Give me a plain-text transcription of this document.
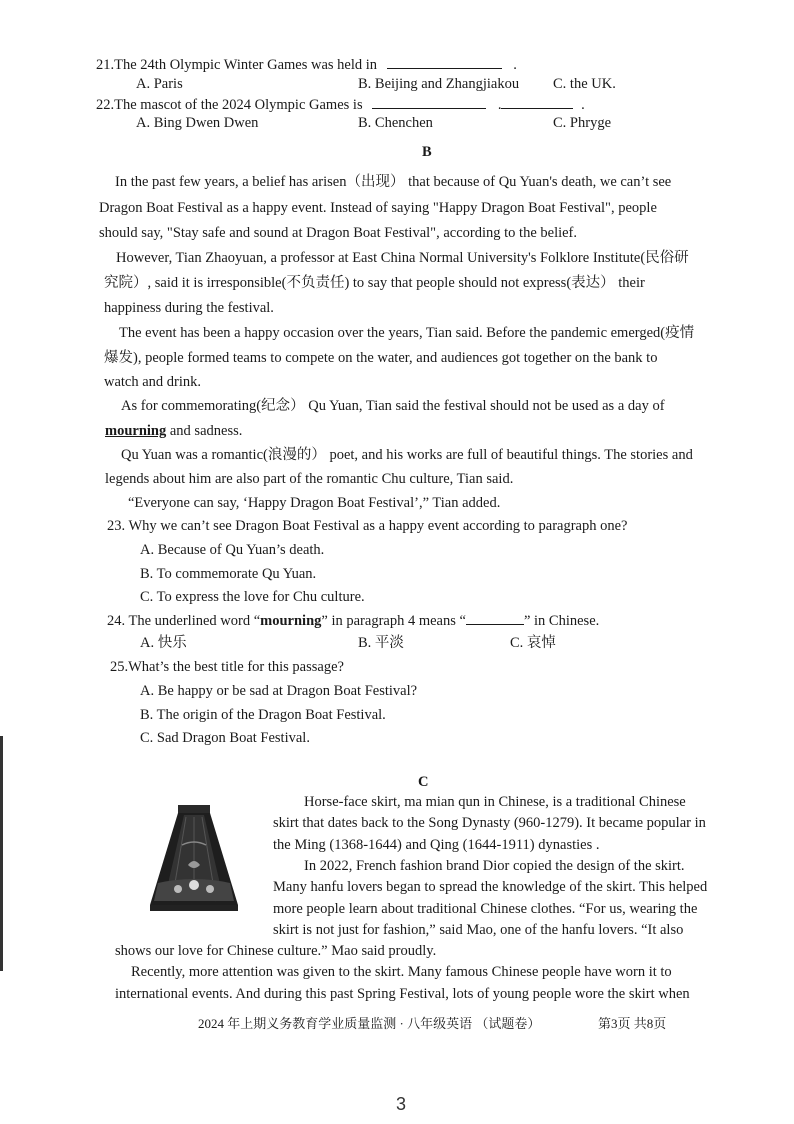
21.The 24th Olympic Winter Games was held in	.
A. Paris	B. Beijing and Zhangjiakou C. the UK.
22.The mascot of the 2024 Olympic Games is	.	.
A. Bing Dwen Dwen	B. Chenchen	C. Phryge
B
In the past few years, a belief has arisen（出现） that because of Qu Yuan's death, we can’t see
Dragon Boat Festival as a happy event. Instead of saying "Happy Dragon Boat Festival", people
should say, "Stay safe and sound at Dragon Boat Festival", according to the belief.
However, Tian Zhaoyuan, a professor at East China Normal University's Folklore Institute(民俗研
究院）, said it is irresponsible(不负责任) to say that people should not express(表达） their
happiness during the festival.
The event has been a happy occasion over the years, Tian said. Before the pandemic emerged(疫情
爆发), people formed teams to compete on the water, and audiences got together on the bank to
watch and drink.
As for commemorating(纪念） Qu Yuan, Tian said the festival should not be used as a day of
mourning and sadness.
Qu Yuan was a romantic(浪漫的） poet, and his works are full of beautiful things. The stories and
legends about him are also part of the romantic Chu culture, Tian said.
“Everyone can say, ‘Happy Dragon Boat Festival’,” Tian added.
23. Why we can’t see Dragon Boat Festival as a happy event according to paragraph one?
A. Because of Qu Yuan’s death.
B. To commemorate Qu Yuan.
C. To express the love for Chu culture.
24. The underlined word “mourning” in paragraph 4 means “	” in Chinese.
A. 快乐	B. 平淡	C. 哀悼
25.What’s the best title for this passage?
A. Be happy or be sad at Dragon Boat Festival?
B. The origin of the Dragon Boat Festival.
C. Sad Dragon Boat Festival.
C
Horse-face skirt, ma mian qun in Chinese, is a traditional Chinese
skirt that dates back to the Song Dynasty (960-1279). It became popular in
the Ming (1368-1644) and Qing (1644-1911) dynasties .
In 2022, French fashion brand Dior copied the design of the skirt.
Many hanfu lovers began to spread the knowledge of the skirt. This helped
more people learn about traditional Chinese clothes. “For us, wearing the
skirt is not just for fashion,” said Mao, one of the hanfu lovers. “It also
shows our love for Chinese culture.” Mao said proudly.
Recently, more attention was given to the skirt. Many famous Chinese people have worn it to
international events. And during this past Spring Festival, lots of young people wore the skirt when
2024 年上期义务教育学业质量监测 · 八年级英语 （试题卷）	第3页 共8页
3
